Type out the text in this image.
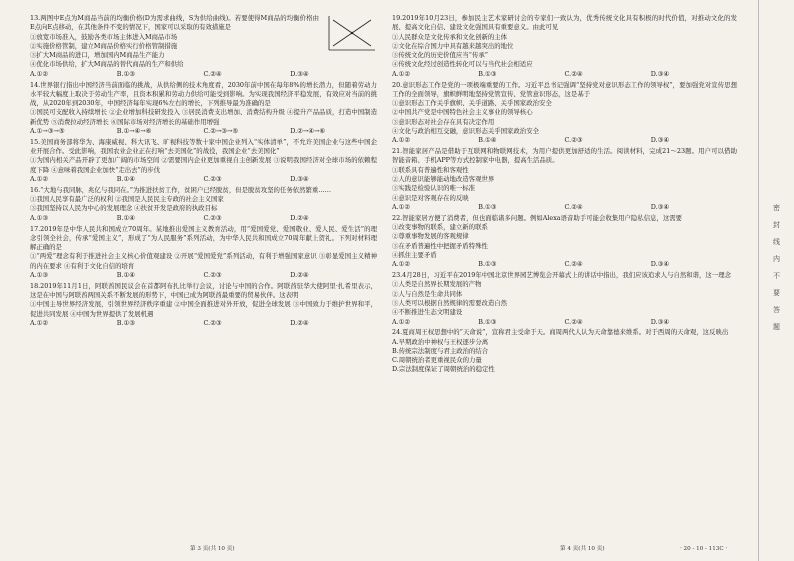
13.两图中E点为M商品当前的均衡价格(D为需求曲线，S为供给曲线)。若要使得M商品的均衡价格由E点向E点移动，在其他条件不变的情况下，国家可以采取的有效措施是

①放宽市场准入，鼓励各类市场主体进入M商品市场

②实施价格管制，建立M商品价格实行价格管制措施

③扩大M商品的进口，增加国内M商品生产能力

④优化市场供给，扩大M商品的替代商品的生产和供给

A.①②	B.①③	C.②④	D.③④

14.世界银行指出中国经济当前面临的挑战，从供给侧的技术角度看，2030年前中国在每年8%的增长潜力，但随着劳动力水平较大幅度上取决于劳动生产率，且资本积累和劳动力供给可能受到影响。为实现我国经济平稳发展，有效应对当前的挑战，从2020年到2030年，中国经济每年实现6%左右的增长，下列推导最为准确的是

①国民可支配收入持续增长 ②企业增加科技研发投入 ③居民消费支出增加、消费结构升级 ④提升产品品质，打造中国制造新优势 ⑤消费拉动经济增长 ⑥国际市场对经济增长的基础作用增强

A.①→③→⑤	B.①→④→⑥	C.②→③→⑤	D.②→④→⑥

15.美国商务部将华为、海康威视、科大讯飞、旷视科技等数十家中国企业列入“实体清单”，不允许美国企业与这些中国企业开展合作。受此影响，我国农业企业正在打响“去美国化”的战役，我国企业“去美国化”

①为国内相关产品开辟了更加广阔的市场空间 ②需要国内企业更加重视自主创新发展 ③说明我国经济对全球市场的依赖程度下降 ④意味着我国企业加快“走出去”的步伐

A.①②	B.①④	C.②③	D.③④

16.“大地与我同脉，兆亿与我同在。”为推进扶贫工作，贫困户已经脱贫，但是脱贫攻坚的任务依然繁重……

①我国人民享有最广泛的权利 ②我国是人民民主专政的社会主义国家

③我国坚持以人民为中心的发展理念 ④扶贫开发是政府的执政目标

A.①③	B.①④	C.②③	D.②④

17.2019年是中华人民共和国成立70周年。某地推出爱国主义教育活动，用“爱国爱党、爱国敬业、爱人民、爱生活”的理念引领全社会，传承“爱国主义”，形成了“为人民服务”系列活动，为中华人民共和国成立70周年献上贺礼。下列对材料理解正确的是

①“两爱”理念有利于推进社会主义核心价值观建设 ②开展“爱国爱党”系列活动，有利于增强国家意识 ③彰显爱国主义精神的内在要求 ④有利于文化自信的培育

A.①③	B.①④	C.②③	D.②④

18.2019年11月1日，阿联酋国民议会在首都阿布扎比举行会议，讨论与中国的合作。阿联酋驻华大使阿里·扎希里表示，这是在中国与阿联酋两国关系不断发展的形势下，中国已成为阿联酋最重要的贸易伙伴。这表明

①中国主导世界经济发展，引领世界经济秩序重建 ②中国全面推进对外开放，促进全球发展 ③中国致力于维护世界和平，促进共同发展 ④中国为世界提供了发展机遇

A.①②	B.①③	C.②③	D.②④

19.2019年10月23日，参加民主艺术家研讨会的专家们一致认为，优秀传统文化具有积极的时代价值，对推动文化的发展、提高文化自信、建设文化强国具有重要意义。由此可见

①人民群众是文化传承和文化创新的主体

②文化在综合国力中具有越来越突出的地位

③传统文化的历史价值应当“传承”

④传统文化经过创造性转化可以与当代社会相适应

A.①②	B.①③	C.②④	D.③④

20.意识形态工作是党的一项极端重要的工作。习近平总书记强调“坚持党对意识形态工作的领导权”，要加强党对宣传思想工作的全面领导，旗帜鲜明地坚持党管宣传、党管意识形态，这是基于

①意识形态工作关乎旗帜、关乎道路、关乎国家政治安全

②中国共产党是中国特色社会主义事业的领导核心

③意识形态对社会存在具有决定作用

④文化与政治相互交融，意识形态关乎国家政治安全

A.①②	B.①④	C.②③	D.③④

21.智能家居产品是借助于互联网和物联网技术，为用户提供更加舒适的生活。阅读材料，完成21～23题。用户可以借助智能音箱、手机APP等方式控制家中电器，提高生活品质。

①联系具有普遍性和客观性

②人的意识能够能动地改造客观世界

③实践是检验认识的唯一标准

④意识是对客观存在的反映

A.①②	B.①③	C.②④	D.③④

22.智能家居方便了消费者，但也面临诸多问题。例如Alexa语音助手可能会收集用户隐私信息，这需要

①改变事物的联系，建立新的联系

②尊重事物发展的客观规律

③在矛盾普遍性中把握矛盾特殊性

④抓住主要矛盾

A.①②	B.①③	C.②④	D.③④

23.4月28日，习近平在2019年中国北京世界园艺博览会开幕式上的讲话中指出，我们应该追求人与自然和谐，这一理念

①人类是自然界长期发展的产物

②人与自然是生命共同体

③人类可以根据自然规律的需要改造自然

④不断推进生态文明建设

A.①②	B.①③	C.②④	D.③④

24.夏商周王权思想中的“天命说”，宣称君主受命于天。商周两代人认为天命靠德来维系。对于西周的天命观，这反映出

A.早期政治中神权与王权逐步分离

B.传统宗法制度与君主政治的结合

C.周朝统治者更重视民众的力量

D.宗法制度保证了周朝统治的稳定性

第 3 页(共 10 页)	第 4 页(共 10 页)	· 20 - 10 - 113C ·
密
封
线
内
不
要
答
题
